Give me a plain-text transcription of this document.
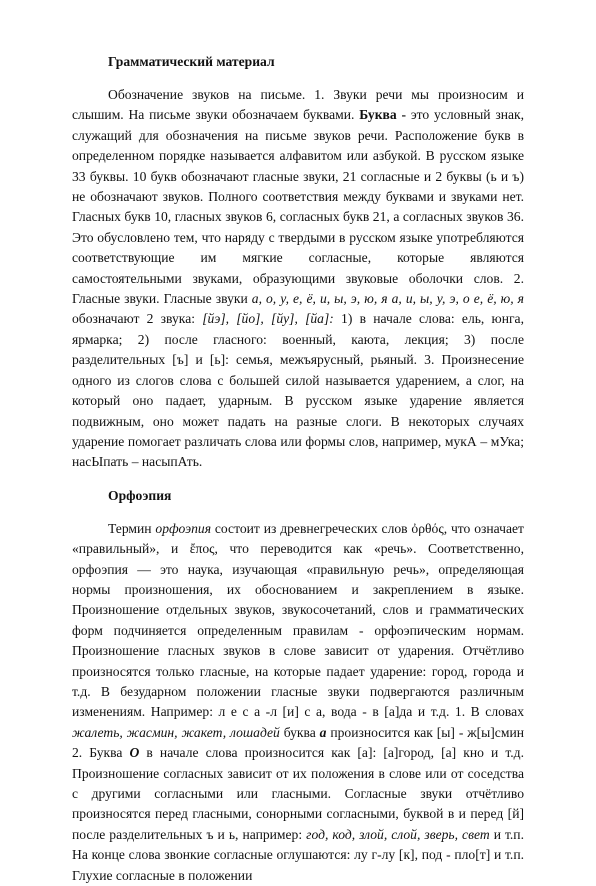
Грамматический материал

Обозначение звуков на письме. 1. Звуки речи мы произносим и слышим. На письме звуки обозначаем буквами. Буква - это условный знак, служащий для обозначения на письме звуков речи. Расположение букв в определенном порядке называется алфавитом или азбукой. В русском языке 33 буквы. 10 букв обозначают гласные звуки, 21 согласные и 2 буквы (ь и ъ) не обозначают звуков. Полного соответствия между буквами и звуками нет. Гласных букв 10, гласных звуков 6, согласных букв 21, а согласных звуков 36. Это обусловлено тем, что наряду с твердыми в русском языке употребляются соответствующие им мягкие согласные, которые являются самостоятельными звуками, образующими звуковые оболочки слов. 2. Гласные звуки. Гласные звуки а, о, у, е, ё, и, ы, э, ю, я а, и, ы, у, э, о е, ё, ю, я обозначают 2 звука: [йэ], [йо], [йу], [йа]: 1) в начале слова: ель, юнга, ярмарка; 2) после гласного: военный, каюта, лекция; 3) после разделительных [ъ] и [ь]: семья, межъярусный, рьяный. 3. Произнесение одного из слогов слова с большей силой называется ударением, а слог, на который оно падает, ударным. В русском языке ударение является подвижным, оно может падать на разные слоги. В некоторых случаях ударение помогает различать слова или формы слов, например, мукА – мУка; насЫпать – насыпАть.

Орфоэпия

Термин орфоэпия состоит из древнегреческих слов ὀρθός, что означает «правильный», и ἔπος, что переводится как «речь». Соответственно, орфоэпия — это наука, изучающая «правильную речь», определяющая нормы произношения, их обоснованием и закреплением в языке. Произношение отдельных звуков, звукосочетаний, слов и грамматических форм подчиняется определенным правилам - орфоэпическим нормам. Произношение гласных звуков в слове зависит от ударения. Отчётливо произносятся только гласные, на которые падает ударение: город, города и т.д. В безударном положении гласные звуки подвергаются различным изменениям. Например: л е с а -л [и] с а, вода - в [а]да и т.д. 1. В словах жалеть, жасмин, жакет, лошадей буква а произносится как [ы] - ж[ы]смин 2. Буква О в начале слова произносится как [а]: [а]город, [а] кно и т.д. Произношение согласных зависит от их положения в слове или от соседства с другими согласными или гласными. Согласные звуки отчётливо произносятся перед гласными, сонорными согласными, буквой в и перед [й] после разделительных ъ и ь, например: год, код, злой, слой, зверь, свет и т.п. На конце слова звонкие согласные оглушаются: лу г-лу [к], под - пло[т] и т.п. Глухие согласные в положении
